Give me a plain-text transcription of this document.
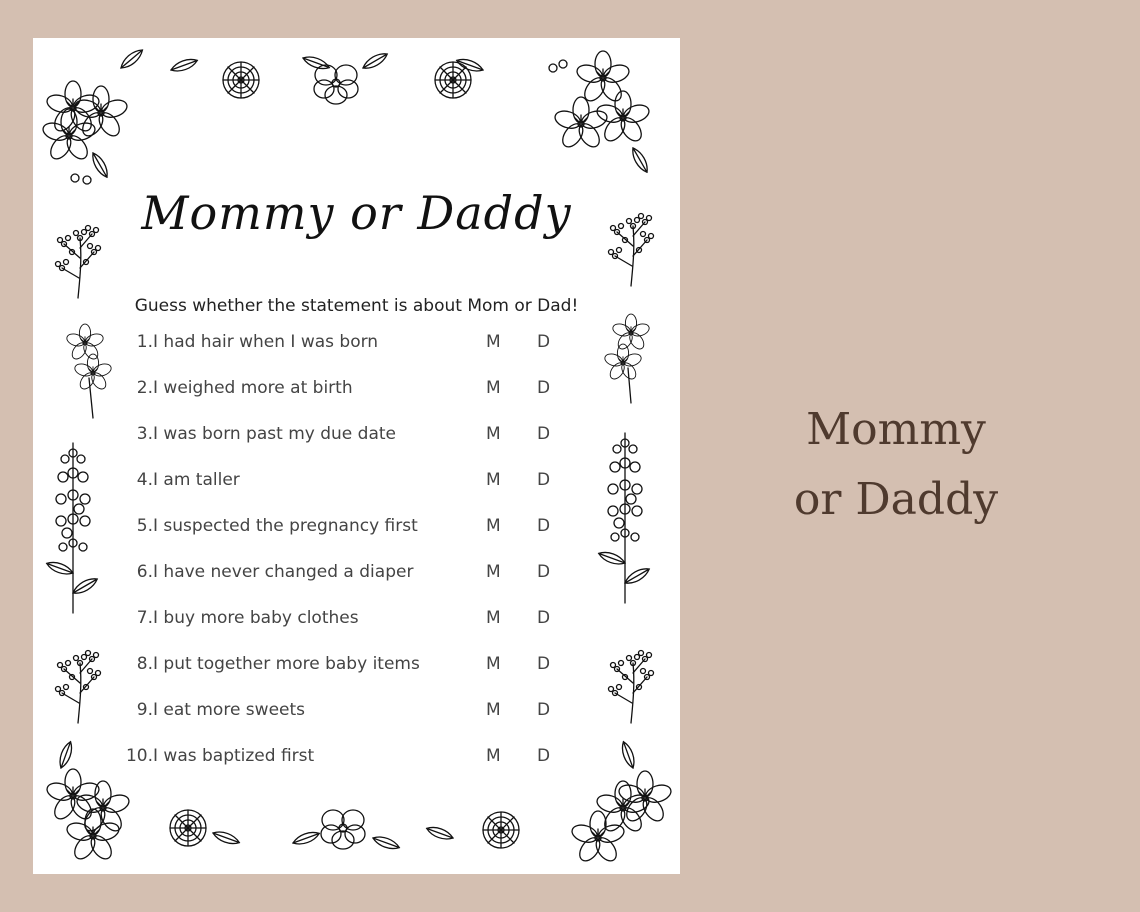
Mommy or Daddy
Guess whether the statement is about Mom or Dad!
1. I had hair when I was born	M D
2. I weighed more at birth	M D
3. I was born past my due date	M D
4. I am taller	M D
5. I suspected the pregnancy first	M D
6. I have never changed a diaper	M D
7. I buy more baby clothes	M D
8. I put together more baby items	M D
9. I eat more sweets	M D
10. I was baptized first	M D
Mommy
or Daddy
